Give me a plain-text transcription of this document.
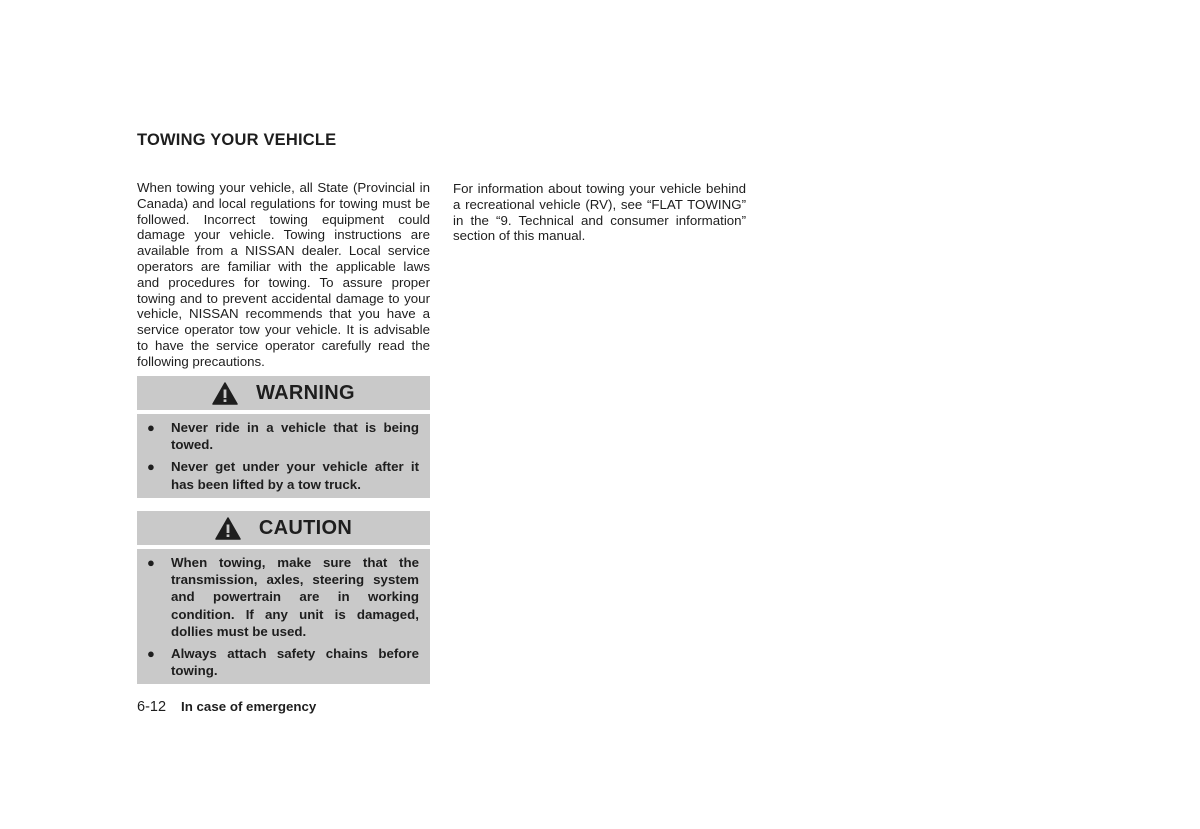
TOWING YOUR VEHICLE

When towing your vehicle, all State (Provincial in Canada) and local regulations for towing must be followed. Incorrect towing equipment could damage your vehicle. Towing instructions are available from a NISSAN dealer. Local service operators are familiar with the applicable laws and procedures for towing. To assure proper towing and to prevent accidental damage to your vehicle, NISSAN recommends that you have a service operator tow your vehicle. It is advisable to have the service operator carefully read the following precautions.

WARNING
●	Never ride in a vehicle that is being towed.
●	Never get under your vehicle after it has been lifted by a tow truck.
CAUTION
●	When towing, make sure that the transmission, axles, steering system and powertrain are in working condition. If any unit is damaged, dollies must be used.
●	Always attach safety chains before towing.

For information about towing your vehicle behind a recreational vehicle (RV), see “FLAT TOWING” in the “9. Technical and consumer information” section of this manual.

6-12 In case of emergency
